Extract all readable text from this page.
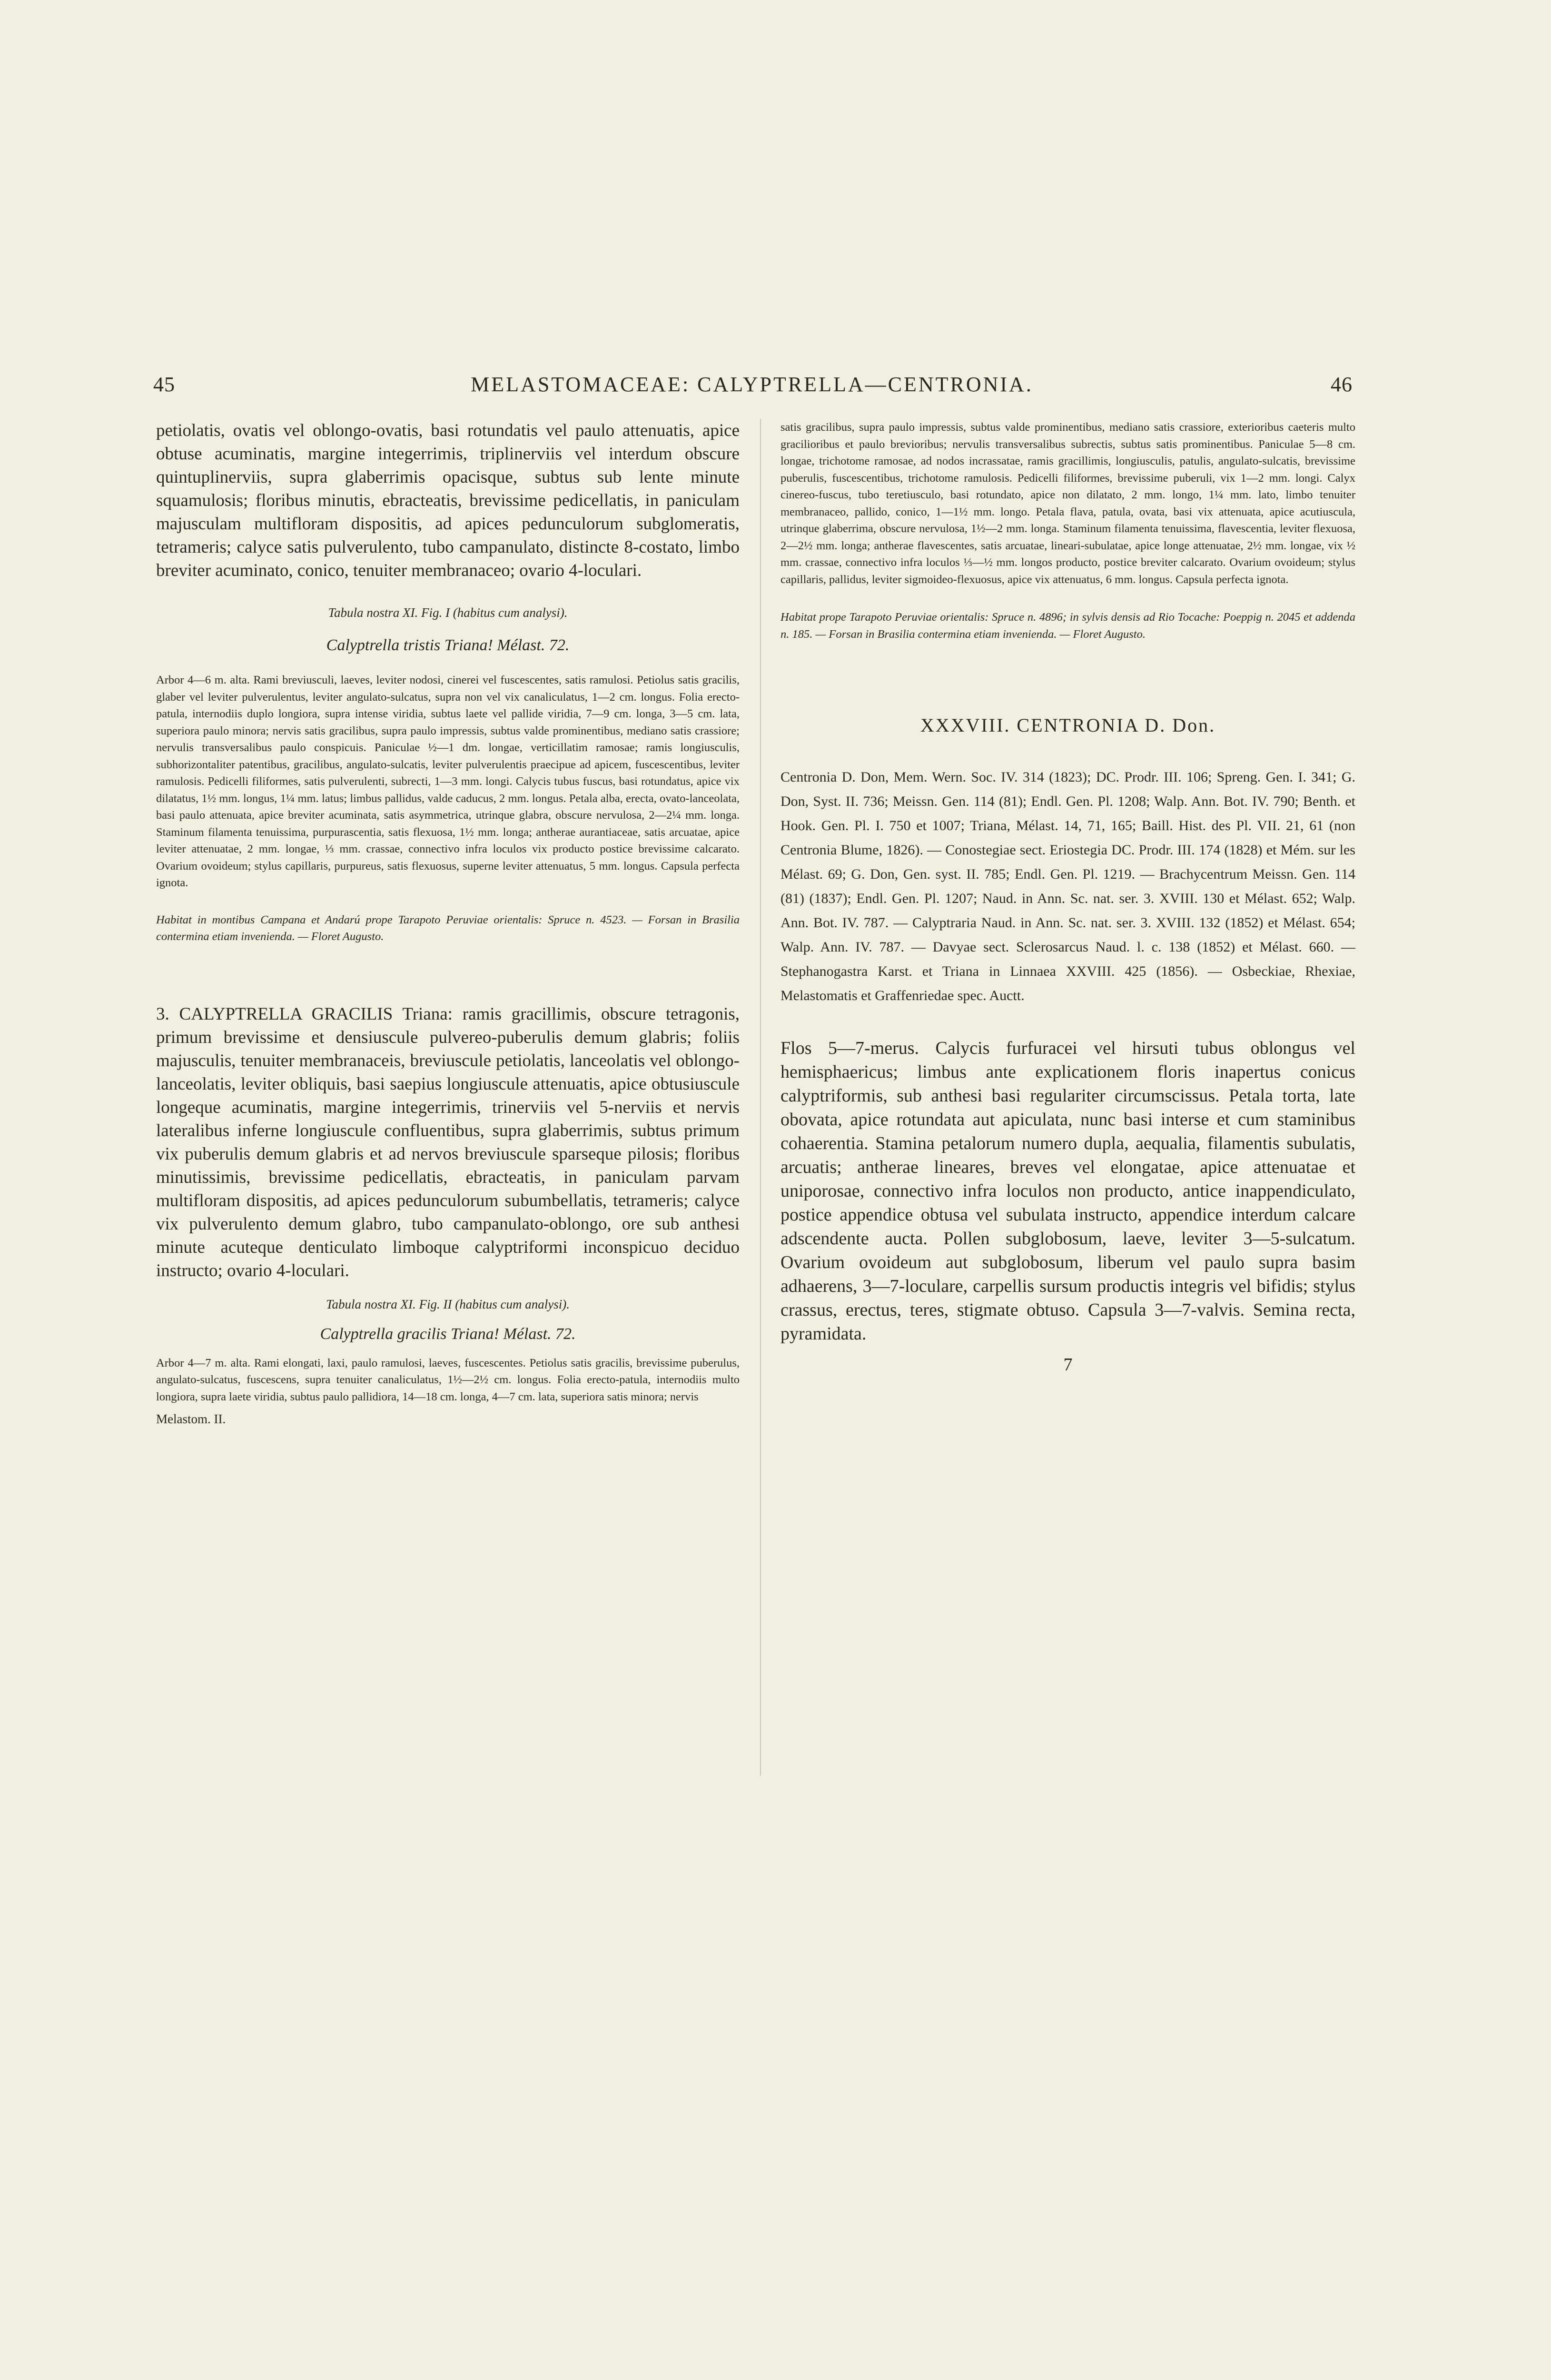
45	MELASTOMACEAE: CALYPTRELLA—CENTRONIA.	46

petiolatis, ovatis vel oblongo-ovatis, basi rotundatis vel paulo attenuatis, apice obtuse acuminatis, margine integerrimis, triplinerviis vel interdum obscure quintuplinerviis, supra glaberrimis opacisque, subtus sub lente minute squamulosis; floribus minutis, ebracteatis, brevissime pedicellatis, in paniculam majusculam multifloram dispositis, ad apices pedunculorum subglomeratis, tetrameris; calyce satis pulverulento, tubo campanulato, distincte 8-costato, limbo breviter acuminato, conico, tenuiter membranaceo; ovario 4-loculari.

Tabula nostra XI. Fig. I (habitus cum analysi).

Calyptrella tristis Triana! Mélast. 72.

Arbor 4—6 m. alta. Rami breviusculi, laeves, leviter nodosi, cinerei vel fuscescentes, satis ramulosi. Petiolus satis gracilis, glaber vel leviter pulverulentus, leviter angulato-sulcatus, supra non vel vix canaliculatus, 1—2 cm. longus. Folia erecto-patula, internodiis duplo longiora, supra intense viridia, subtus laete vel pallide viridia, 7—9 cm. longa, 3—5 cm. lata, superiora paulo minora; nervis satis gracilibus, supra paulo impressis, subtus valde prominentibus, mediano satis crassiore; nervulis transversalibus paulo conspicuis. Paniculae ½—1 dm. longae, verticillatim ramosae; ramis longiusculis, subhorizontaliter patentibus, gracilibus, angulato-sulcatis, leviter pulverulentis praecipue ad apicem, fuscescentibus, leviter ramulosis. Pedicelli filiformes, satis pulverulenti, subrecti, 1—3 mm. longi. Calycis tubus fuscus, basi rotundatus, apice vix dilatatus, 1½ mm. longus, 1¼ mm. latus; limbus pallidus, valde caducus, 2 mm. longus. Petala alba, erecta, ovato-lanceolata, basi paulo attenuata, apice breviter acuminata, satis asymmetrica, utrinque glabra, obscure nervulosa, 2—2¼ mm. longa. Staminum filamenta tenuissima, purpurascentia, satis flexuosa, 1½ mm. longa; antherae aurantiaceae, satis arcuatae, apice leviter attenuatae, 2 mm. longae, ⅓ mm. crassae, connectivo infra loculos vix producto postice brevissime calcarato. Ovarium ovoideum; stylus capillaris, purpureus, satis flexuosus, superne leviter attenuatus, 5 mm. longus. Capsula perfecta ignota.

Habitat in montibus Campana et Andarú prope Tarapoto Peruviae orientalis: Spruce n. 4523. — Forsan in Brasilia contermina etiam invenienda. — Floret Augusto.

3. CALYPTRELLA GRACILIS Triana: ramis gracillimis, obscure tetragonis, primum brevissime et densiuscule pulvereo-puberulis demum glabris; foliis majusculis, tenuiter membranaceis, breviuscule petiolatis, lanceolatis vel oblongo-lanceolatis, leviter obliquis, basi saepius longiuscule attenuatis, apice obtusiuscule longeque acuminatis, margine integerrimis, trinerviis vel 5-nerviis et nervis lateralibus inferne longiuscule confluentibus, supra glaberrimis, subtus primum vix puberulis demum glabris et ad nervos breviuscule sparseque pilosis; floribus minutissimis, brevissime pedicellatis, ebracteatis, in paniculam parvam multifloram dispositis, ad apices pedunculorum subumbellatis, tetrameris; calyce vix pulverulento demum glabro, tubo campanulato-oblongo, ore sub anthesi minute acuteque denticulato limboque calyptriformi inconspicuo deciduo instructo; ovario 4-loculari.

Tabula nostra XI. Fig. II (habitus cum analysi).

Calyptrella gracilis Triana! Mélast. 72.

Arbor 4—7 m. alta. Rami elongati, laxi, paulo ramulosi, laeves, fuscescentes. Petiolus satis gracilis, brevissime puberulus, angulato-sulcatus, fuscescens, supra tenuiter canaliculatus, 1½—2½ cm. longus. Folia erecto-patula, internodiis multo longiora, supra laete viridia, subtus paulo pallidiora, 14—18 cm. longa, 4—7 cm. lata, superiora satis minora; nervis

Melastom. II.

satis gracilibus, supra paulo impressis, subtus valde prominentibus, mediano satis crassiore, exterioribus caeteris multo gracilioribus et paulo brevioribus; nervulis transversalibus subrectis, subtus satis prominentibus. Paniculae 5—8 cm. longae, trichotome ramosae, ad nodos incrassatae, ramis gracillimis, longiusculis, patulis, angulato-sulcatis, brevissime puberulis, fuscescentibus, trichotome ramulosis. Pedicelli filiformes, brevissime puberuli, vix 1—2 mm. longi. Calyx cinereo-fuscus, tubo teretiusculo, basi rotundato, apice non dilatato, 2 mm. longo, 1¼ mm. lato, limbo tenuiter membranaceo, pallido, conico, 1—1½ mm. longo. Petala flava, patula, ovata, basi vix attenuata, apice acutiuscula, utrinque glaberrima, obscure nervulosa, 1½—2 mm. longa. Staminum filamenta tenuissima, flavescentia, leviter flexuosa, 2—2½ mm. longa; antherae flavescentes, satis arcuatae, lineari-subulatae, apice longe attenuatae, 2½ mm. longae, vix ½ mm. crassae, connectivo infra loculos ⅓—½ mm. longos producto, postice breviter calcarato. Ovarium ovoideum; stylus capillaris, pallidus, leviter sigmoideo-flexuosus, apice vix attenuatus, 6 mm. longus. Capsula perfecta ignota.

Habitat prope Tarapoto Peruviae orientalis: Spruce n. 4896; in sylvis densis ad Rio Tocache: Poeppig n. 2045 et addenda n. 185. — Forsan in Brasilia contermina etiam invenienda. — Floret Augusto.

XXXVIII. CENTRONIA D. Don.

Centronia D. Don, Mem. Wern. Soc. IV. 314 (1823); DC. Prodr. III. 106; Spreng. Gen. I. 341; G. Don, Syst. II. 736; Meissn. Gen. 114 (81); Endl. Gen. Pl. 1208; Walp. Ann. Bot. IV. 790; Benth. et Hook. Gen. Pl. I. 750 et 1007; Triana, Mélast. 14, 71, 165; Baill. Hist. des Pl. VII. 21, 61 (non Centronia Blume, 1826). — Conostegiae sect. Eriostegia DC. Prodr. III. 174 (1828) et Mém. sur les Mélast. 69; G. Don, Gen. syst. II. 785; Endl. Gen. Pl. 1219. — Brachycentrum Meissn. Gen. 114 (81) (1837); Endl. Gen. Pl. 1207; Naud. in Ann. Sc. nat. ser. 3. XVIII. 130 et Mélast. 652; Walp. Ann. Bot. IV. 787. — Calyptraria Naud. in Ann. Sc. nat. ser. 3. XVIII. 132 (1852) et Mélast. 654; Walp. Ann. IV. 787. — Davyae sect. Sclerosarcus Naud. l. c. 138 (1852) et Mélast. 660. — Stephanogastra Karst. et Triana in Linnaea XXVIII. 425 (1856). — Osbeckiae, Rhexiae, Melastomatis et Graffenriedae spec. Auctt.

Flos 5—7-merus. Calycis furfuracei vel hirsuti tubus oblongus vel hemisphaericus; limbus ante explicationem floris inapertus conicus calyptriformis, sub anthesi basi regulariter circumscissus. Petala torta, late obovata, apice rotundata aut apiculata, nunc basi interse et cum staminibus cohaerentia. Stamina petalorum numero dupla, aequalia, filamentis subulatis, arcuatis; antherae lineares, breves vel elongatae, apice attenuatae et uniporosae, connectivo infra loculos non producto, antice inappendiculato, postice appendice obtusa vel subulata instructo, appendice interdum calcare adscendente aucta. Pollen subglobosum, laeve, leviter 3—5-sulcatum. Ovarium ovoideum aut subglobosum, liberum vel paulo supra basim adhaerens, 3—7-loculare, carpellis sursum productis integris vel bifidis; stylus crassus, erectus, teres, stigmate obtuso. Capsula 3—7-valvis. Semina recta, pyramidata.

7
